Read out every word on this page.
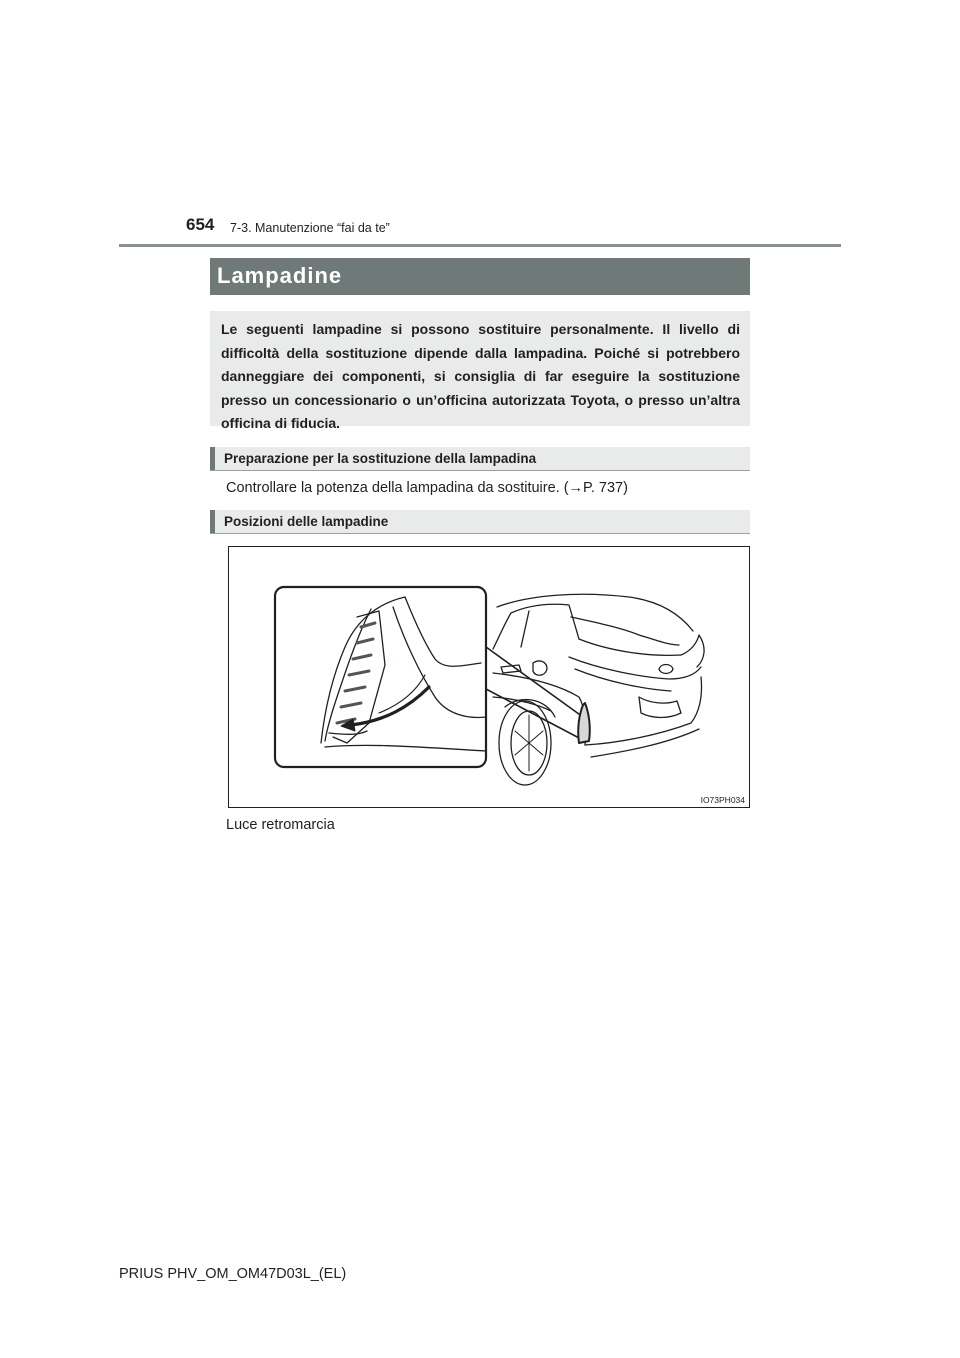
654 7-3. Manutenzione “fai da te”
Lampadine

Le seguenti lampadine si possono sostituire personalmente. Il livello di difficoltà della sostituzione dipende dalla lampadina. Poiché si potrebbero danneggiare dei componenti, si consiglia di far eseguire la sostituzione presso un concessionario o un’officina autorizzata Toyota, o presso un’altra officina di fiducia.

Preparazione per la sostituzione della lampadina
Controllare la potenza della lampadina da sostituire. (→P. 737)
Posizioni delle lampadine
IO73PH034
Luce retromarcia
PRIUS PHV_OM_OM47D03L_(EL)
